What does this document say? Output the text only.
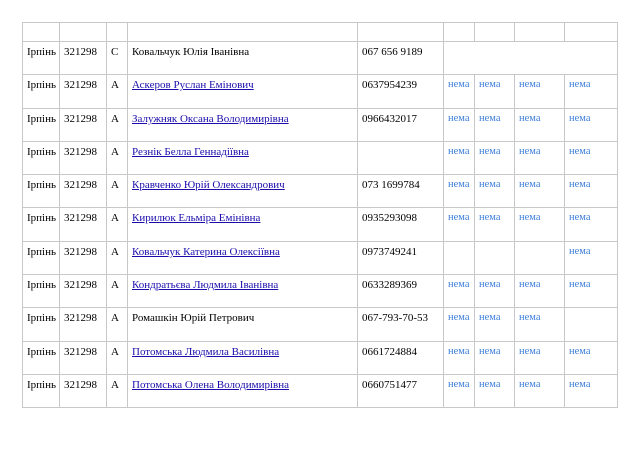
Ірпінь	321298	С	Ковальчук Юлія Іванівна	067 656 9189				
Ірпінь	321298	А	Аскеров Руслан Емінович	0637954239	нема	нема	нема	нема
Ірпінь	321298	А	Залужняк Оксана Володимирівна	0966432017	нема	нема	нема	нема
Ірпінь	321298	А	Резнік Белла Геннадіївна		нема	нема	нема	нема
Ірпінь	321298	А	Кравченко Юрій Олександрович	073 1699784	нема	нема	нема	нема
Ірпінь	321298	А	Кирилюк Ельміра Емінівна	0935293098	нема	нема	нема	нема
Ірпінь	321298	А	Ковальчук Катерина Олексіївна	0973749241				нема
Ірпінь	321298	А	Кондратьєва Людмила Іванівна	0633289369	нема	нема	нема	нема
Ірпінь	321298	А	Ромашкін Юрій Петрович	067-793-70-53	нема	нема	нема	
Ірпінь	321298	А	Потомська Людмила Василівна	0661724884	нема	нема	нема	нема
Ірпінь	321298	А	Потомська Олена Володимирівна	0660751477	нема	нема	нема	нема
